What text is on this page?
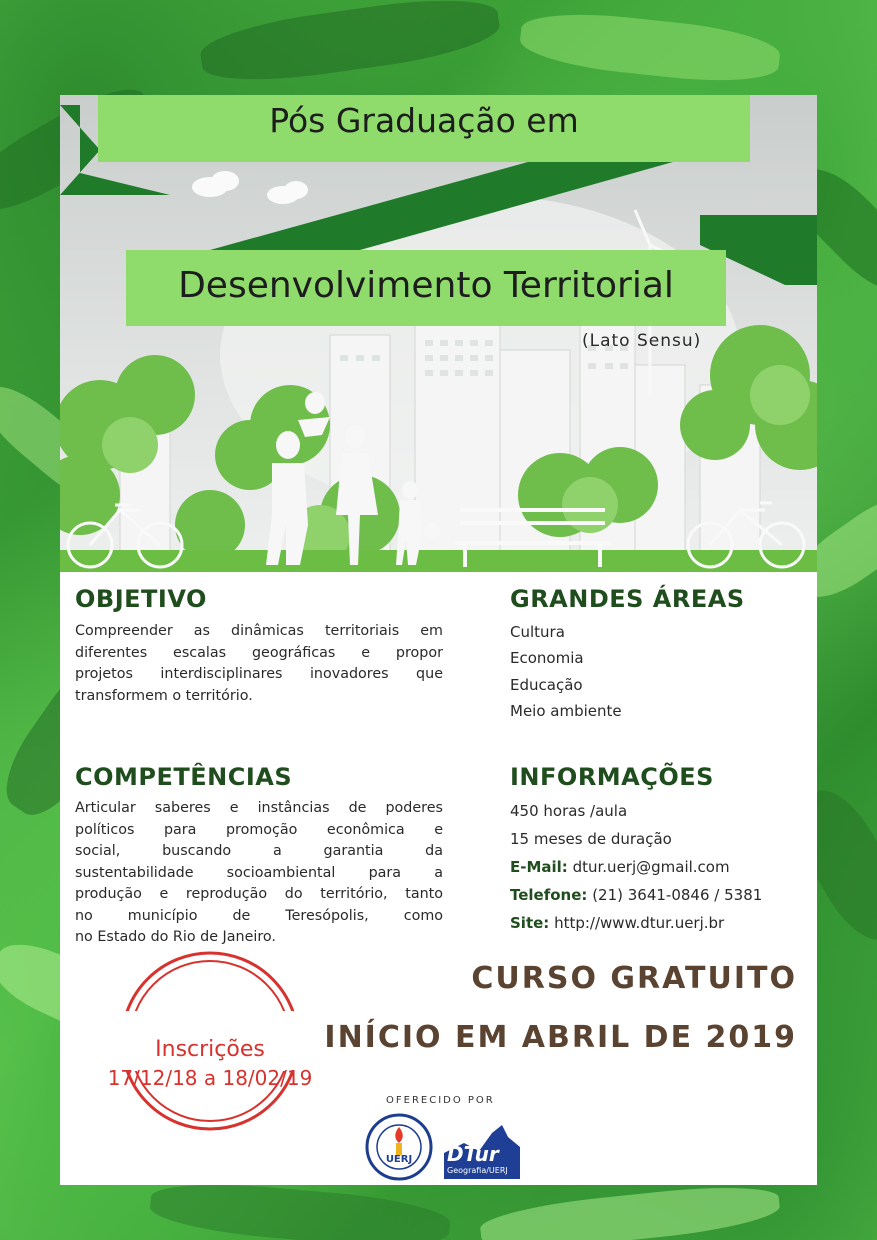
Pós Graduação em
Desenvolvimento Territorial
(Lato Sensu)
OBJETIVO
Compreender as dinâmicas territoriais em
diferentes escalas geográficas e propor
projetos interdisciplinares inovadores que
transformem o território.
GRANDES ÁREAS
Cultura
Economia
Educação
Meio ambiente
COMPETÊNCIAS
Articular saberes e instâncias de poderes
políticos para promoção econômica e
social, buscando a garantia da
sustentabilidade socioambiental para a
produção e reprodução do território, tanto
no município de Teresópolis, como
no Estado do Rio de Janeiro.
INFORMAÇÕES
450 horas /aula
15 meses de duração
E-Mail: dtur.uerj@gmail.com
Telefone: (21) 3641-0846 / 5381
Site: http://www.dtur.uerj.br
CURSO GRATUITO
INÍCIO EM ABRIL DE 2019
Inscrições
17/12/18 a 18/02/19
OFERECIDO POR
UERJ	DTur
Geografia/UERJ
